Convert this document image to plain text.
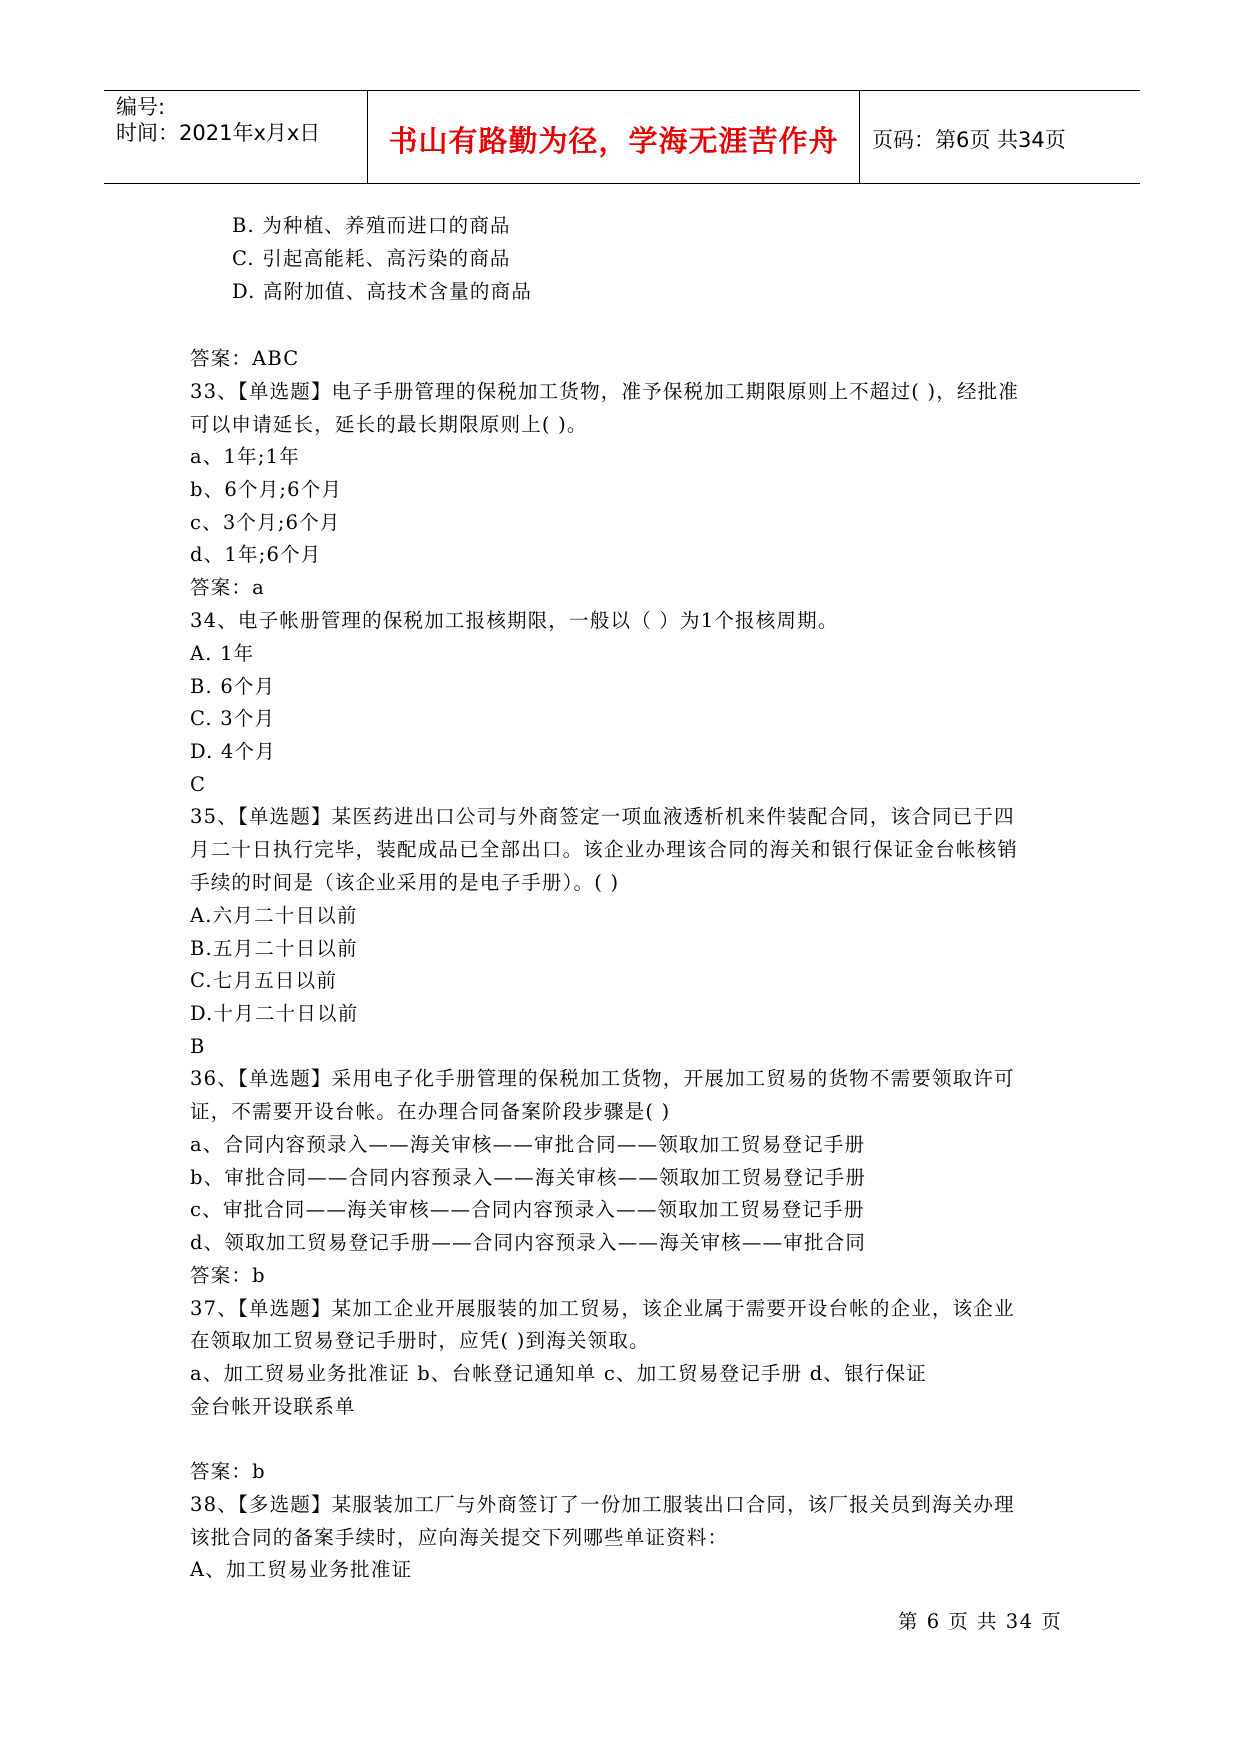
编号:
时间：2021年x月x日	书山有路勤为径，学海无涯苦作舟	页码：第6页 共34页
B. 为种植、养殖而进口的商品
C. 引起高能耗、高污染的商品
D. 高附加值、高技术含量的商品
答案：ABC
33、【单选题】电子手册管理的保税加工货物，准予保税加工期限原则上不超过( )，经批准
可以申请延长，延长的最长期限原则上( )。
a、1年;1年
b、6个月;6个月
c、3个月;6个月
d、1年;6个月
答案：a
34、电子帐册管理的保税加工报核期限，一般以（ ）为1个报核周期。
A. 1年
B. 6个月
C. 3个月
D. 4个月
C
35、【单选题】某医药进出口公司与外商签定一项血液透析机来件装配合同，该合同已于四
月二十日执行完毕，装配成品已全部出口。该企业办理该合同的海关和银行保证金台帐核销
手续的时间是（该企业采用的是电子手册）。( )
A.六月二十日以前
B.五月二十日以前
C.七月五日以前
D.十月二十日以前
B
36、【单选题】采用电子化手册管理的保税加工货物，开展加工贸易的货物不需要领取许可
证，不需要开设台帐。在办理合同备案阶段步骤是( )
a、合同内容预录入——海关审核——审批合同——领取加工贸易登记手册
b、审批合同——合同内容预录入——海关审核——领取加工贸易登记手册
c、审批合同——海关审核——合同内容预录入——领取加工贸易登记手册
d、领取加工贸易登记手册——合同内容预录入——海关审核——审批合同
答案：b
37、【单选题】某加工企业开展服装的加工贸易，该企业属于需要开设台帐的企业，该企业
在领取加工贸易登记手册时，应凭( )到海关领取。
a、加工贸易业务批准证 b、台帐登记通知单 c、加工贸易登记手册 d、银行保证
金台帐开设联系单
答案：b
38、【多选题】某服装加工厂与外商签订了一份加工服装出口合同，该厂报关员到海关办理
该批合同的备案手续时，应向海关提交下列哪些单证资料：
A、加工贸易业务批准证
第 6 页 共 34 页
